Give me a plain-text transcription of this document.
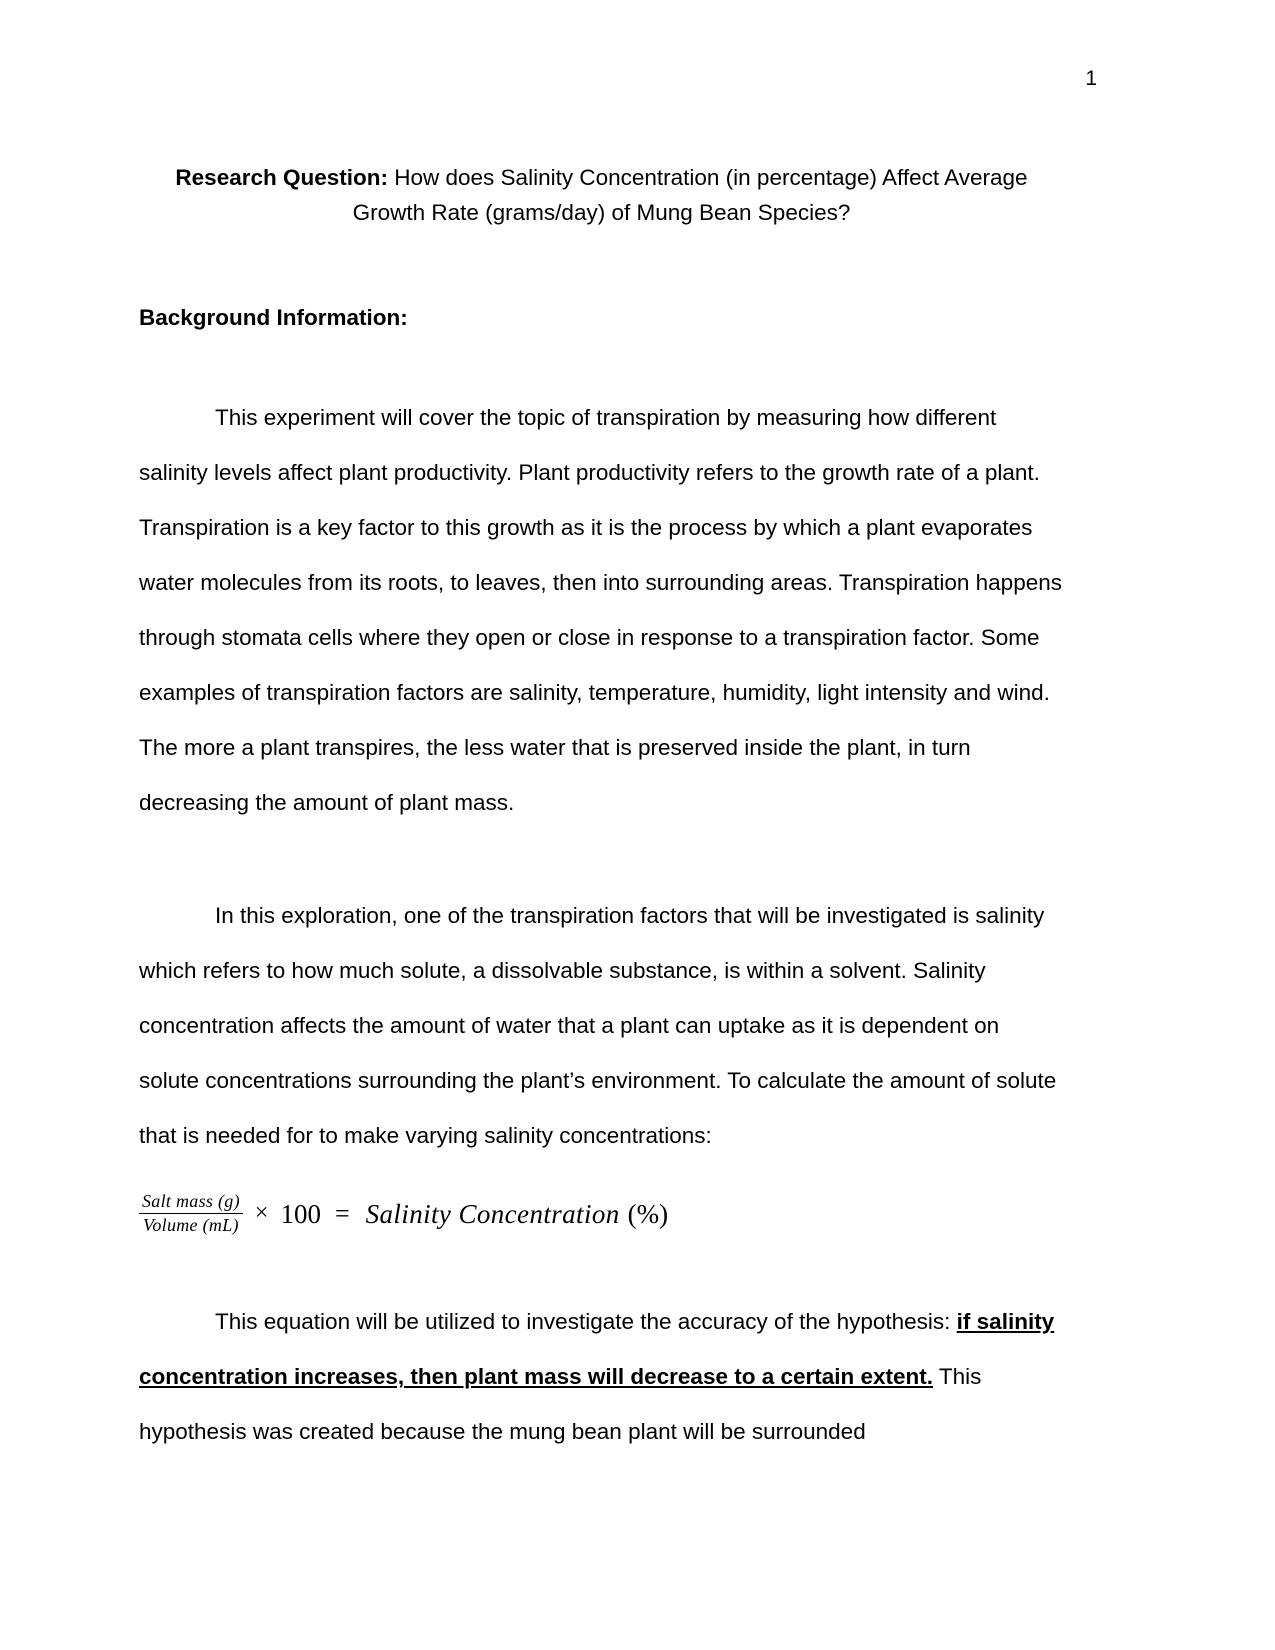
1

Research Question: How does Salinity Concentration (in percentage) Affect Average Growth Rate (grams/day) of Mung Bean Species?

Background Information:

This experiment will cover the topic of transpiration by measuring how different salinity levels affect plant productivity. Plant productivity refers to the growth rate of a plant. Transpiration is a key factor to this growth as it is the process by which a plant evaporates water molecules from its roots, to leaves, then into surrounding areas. Transpiration happens through stomata cells where they open or close in response to a transpiration factor. Some examples of transpiration factors are salinity, temperature, humidity, light intensity and wind. The more a plant transpires, the less water that is preserved inside the plant, in turn decreasing the amount of plant mass.

In this exploration, one of the transpiration factors that will be investigated is salinity which refers to how much solute, a dissolvable substance, is within a solvent. Salinity concentration affects the amount of water that a plant can uptake as it is dependent on solute concentrations surrounding the plant’s environment. To calculate the amount of solute that is needed for to make varying salinity concentrations:

$\frac{\text{Salt mass (g)}}{\text{Volume (mL)}} \times 100$ = Salinity Concentration (%)

This equation will be utilized to investigate the accuracy of the hypothesis: if salinity concentration increases, then plant mass will decrease to a certain extent. This hypothesis was created because the mung bean plant will be surrounded
